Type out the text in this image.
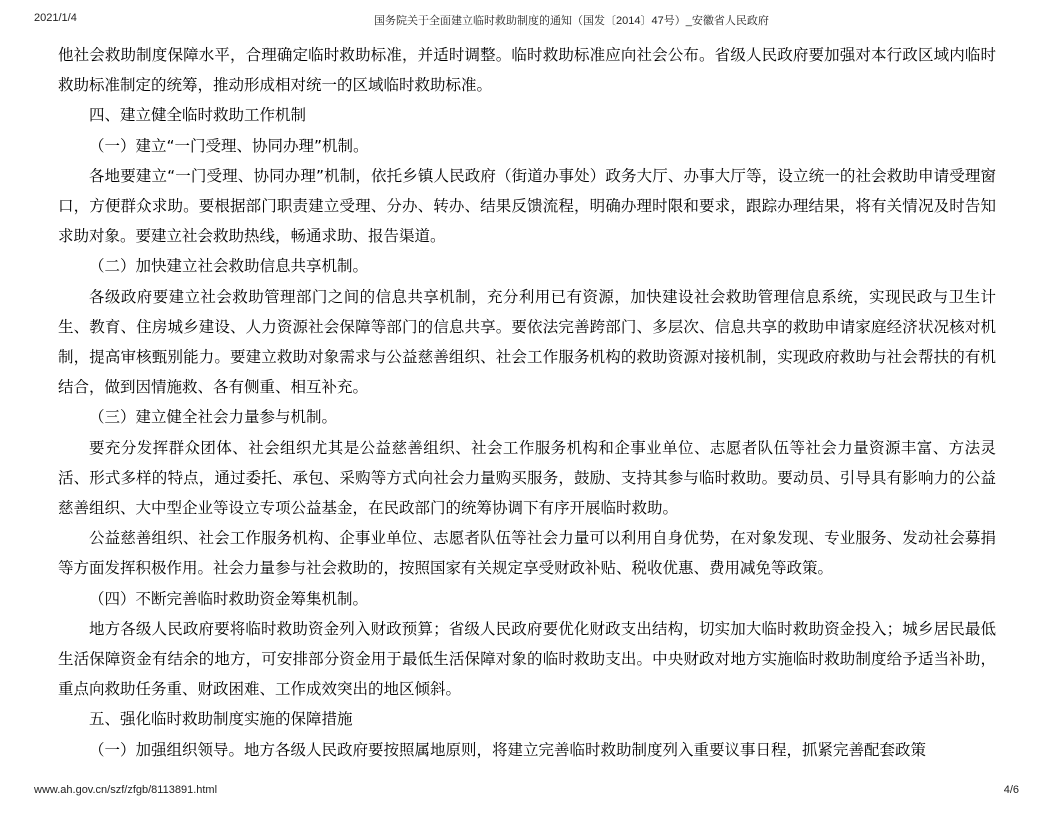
2021/1/4	国务院关于全面建立临时救助制度的通知（国发〔2014〕47号）_安徽省人民政府

他社会救助制度保障水平，合理确定临时救助标准，并适时调整。临时救助标准应向社会公布。省级人民政府要加强对本行政区域内临时救助标准制定的统筹，推动形成相对统一的区域临时救助标准。

四、建立健全临时救助工作机制

（一）建立“一门受理、协同办理”机制。

各地要建立“一门受理、协同办理”机制，依托乡镇人民政府（街道办事处）政务大厅、办事大厅等，设立统一的社会救助申请受理窗口，方便群众求助。要根据部门职责建立受理、分办、转办、结果反馈流程，明确办理时限和要求，跟踪办理结果，将有关情况及时告知求助对象。要建立社会救助热线，畅通求助、报告渠道。

（二）加快建立社会救助信息共享机制。

各级政府要建立社会救助管理部门之间的信息共享机制，充分利用已有资源，加快建设社会救助管理信息系统，实现民政与卫生计生、教育、住房城乡建设、人力资源社会保障等部门的信息共享。要依法完善跨部门、多层次、信息共享的救助申请家庭经济状况核对机制，提高审核甄别能力。要建立救助对象需求与公益慈善组织、社会工作服务机构的救助资源对接机制，实现政府救助与社会帮扶的有机结合，做到因情施救、各有侧重、相互补充。

（三）建立健全社会力量参与机制。

要充分发挥群众团体、社会组织尤其是公益慈善组织、社会工作服务机构和企事业单位、志愿者队伍等社会力量资源丰富、方法灵活、形式多样的特点，通过委托、承包、采购等方式向社会力量购买服务，鼓励、支持其参与临时救助。要动员、引导具有影响力的公益慈善组织、大中型企业等设立专项公益基金，在民政部门的统筹协调下有序开展临时救助。

公益慈善组织、社会工作服务机构、企事业单位、志愿者队伍等社会力量可以利用自身优势，在对象发现、专业服务、发动社会募捐等方面发挥积极作用。社会力量参与社会救助的，按照国家有关规定享受财政补贴、税收优惠、费用减免等政策。

（四）不断完善临时救助资金筹集机制。

地方各级人民政府要将临时救助资金列入财政预算；省级人民政府要优化财政支出结构，切实加大临时救助资金投入；城乡居民最低生活保障资金有结余的地方，可安排部分资金用于最低生活保障对象的临时救助支出。中央财政对地方实施临时救助制度给予适当补助，重点向救助任务重、财政困难、工作成效突出的地区倾斜。

五、强化临时救助制度实施的保障措施

（一）加强组织领导。地方各级人民政府要按照属地原则，将建立完善临时救助制度列入重要议事日程，抓紧完善配套政策

www.ah.gov.cn/szf/zfgb/8113891.html	4/6
